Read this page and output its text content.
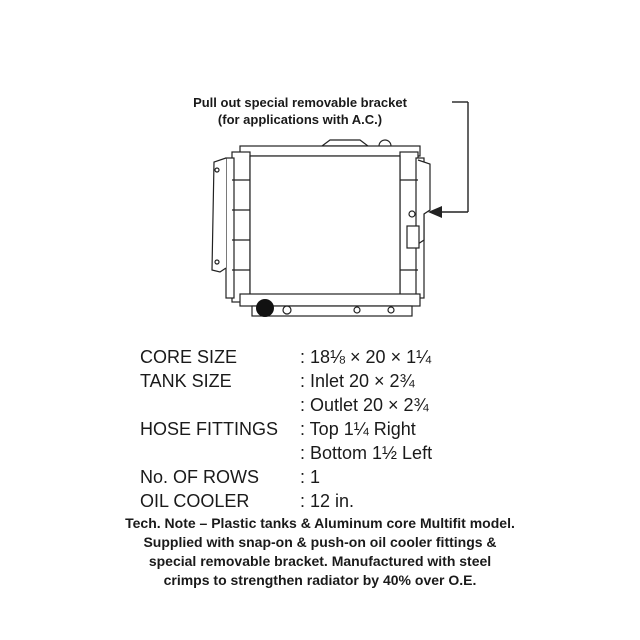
Pull out special removable bracket
(for applications with A.C.)
CORE SIZE	: 18⅛ × 20 × 1¼
TANK SIZE	: Inlet 20 × 2¾
: Outlet 20 × 2¾
HOSE FITTINGS : Top 1¼ Right
: Bottom 1½ Left
No. OF ROWS : 1
OIL COOLER	: 12 in.
Tech. Note – Plastic tanks & Aluminum core Multifit model.
Supplied with snap-on & push-on oil cooler fittings &
special removable bracket. Manufactured with steel
crimps to strengthen radiator by 40% over O.E.
